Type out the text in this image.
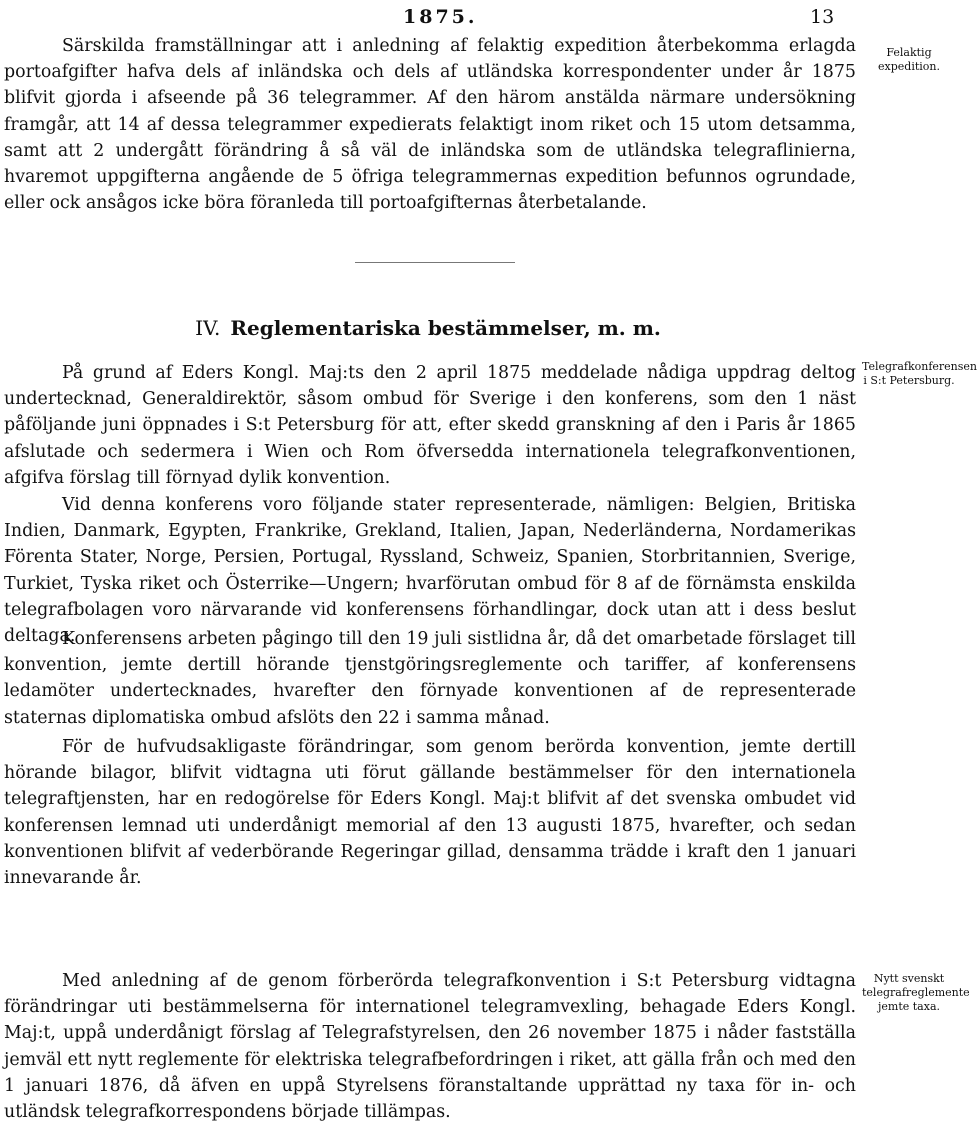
1875.	13

Särskilda framställningar att i anledning af felaktig expedition återbekomma erlagda portoafgifter hafva dels af inländska och dels af utländska korrespondenter under år 1875 blifvit gjorda i afseende på 36 telegrammer. Af den härom anstälda närmare undersökning framgår, att 14 af dessa telegrammer expedierats felaktigt inom riket och 15 utom detsamma, samt att 2 undergått förändring å så väl de inländska som de utländska telegraflinierna, hvaremot uppgifterna angående de 5 öfriga telegrammernas expedition befunnos ogrundade, eller ock ansågos icke böra föranleda till portoafgifternas återbetalande.

Felaktig expedition.
IV. Reglementariska bestämmelser, m. m.

På grund af Eders Kongl. Maj:ts den 2 april 1875 meddelade nådiga uppdrag deltog undertecknad, Generaldirektör, såsom ombud för Sverige i den konferens, som den 1 näst påföljande juni öppnades i S:t Petersburg för att, efter skedd granskning af den i Paris år 1865 afslutade och sedermera i Wien och Rom öfversedda internationela telegrafkonventionen, afgifva förslag till förnyad dylik konvention.

Telegrafkonferensen i S:t Petersburg.

Vid denna konferens voro följande stater representerade, nämligen: Belgien, Britiska Indien, Danmark, Egypten, Frankrike, Grekland, Italien, Japan, Nederländerna, Nordamerikas Förenta Stater, Norge, Persien, Portugal, Ryssland, Schweiz, Spanien, Storbritannien, Sverige, Turkiet, Tyska riket och Österrike—Ungern; hvarförutan ombud för 8 af de förnämsta enskilda telegrafbolagen voro närvarande vid konferensens förhandlingar, dock utan att i dess beslut deltaga.

Konferensens arbeten pågingo till den 19 juli sistlidna år, då det omarbetade förslaget till konvention, jemte dertill hörande tjenstgöringsreglemente och tariffer, af konferensens ledamöter undertecknades, hvarefter den förnyade konventionen af de representerade staternas diplomatiska ombud afslöts den 22 i samma månad.

För de hufvudsakligaste förändringar, som genom berörda konvention, jemte dertill hörande bilagor, blifvit vidtagna uti förut gällande bestämmelser för den internationela telegraftjensten, har en redogörelse för Eders Kongl. Maj:t blifvit af det svenska ombudet vid konferensen lemnad uti underdånigt memorial af den 13 augusti 1875, hvarefter, och sedan konventionen blifvit af vederbörande Regeringar gillad, densamma trädde i kraft den 1 januari innevarande år.

Med anledning af de genom förberörda telegrafkonvention i S:t Petersburg vidtagna förändringar uti bestämmelserna för internationel telegramvexling, behagade Eders Kongl. Maj:t, uppå underdånigt förslag af Telegrafstyrelsen, den 26 november 1875 i nåder fastställa jemväl ett nytt reglemente för elektriska telegrafbefordringen i riket, att gälla från och med den 1 januari 1876, då äfven en uppå Styrelsens föranstaltande upprättad ny taxa för in- och utländsk telegrafkorrespondens började tillämpas.

Nytt svenskt telegrafreglemente jemte taxa.
